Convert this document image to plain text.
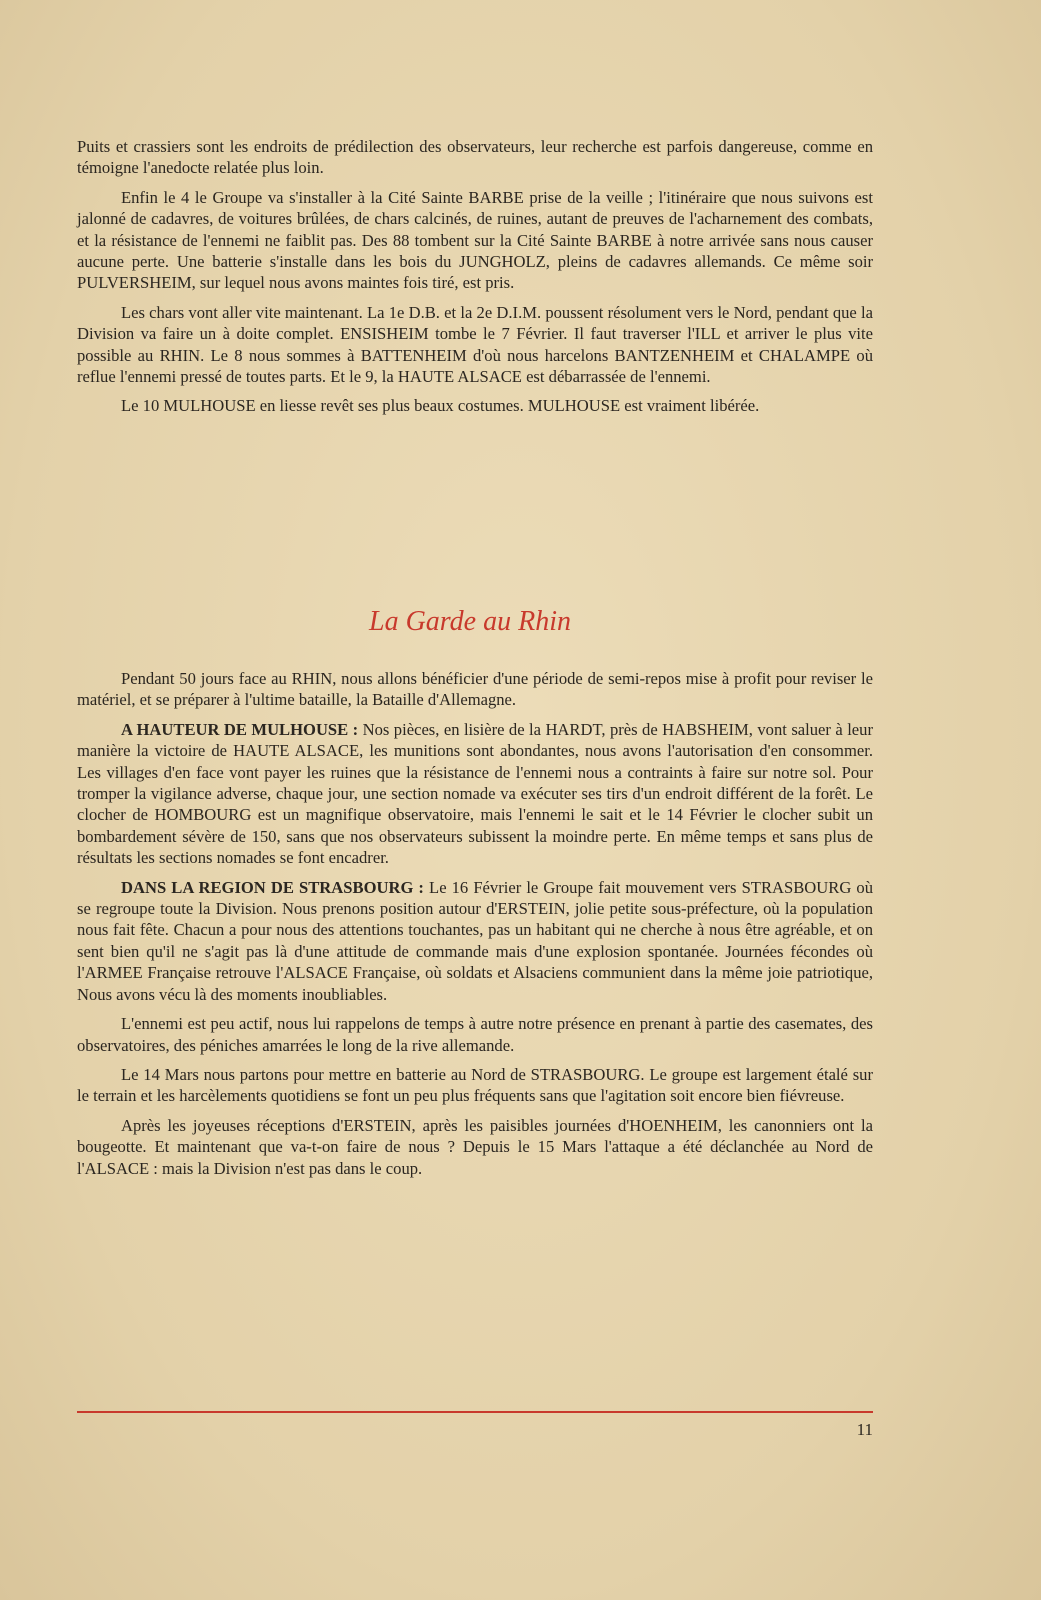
Puits et crassiers sont les endroits de prédilection des observateurs, leur recherche est parfois dangereuse, comme en témoigne l'anedocte relatée plus loin.

Enfin le 4 le Groupe va s'installer à la Cité Sainte BARBE prise de la veille ; l'itinéraire que nous suivons est jalonné de cadavres, de voitures brûlées, de chars calcinés, de ruines, autant de preuves de l'acharnement des combats, et la résistance de l'ennemi ne faiblit pas. Des 88 tombent sur la Cité Sainte BARBE à notre arrivée sans nous causer aucune perte. Une batterie s'installe dans les bois du JUNGHOLZ, pleins de cadavres allemands. Ce même soir PULVERSHEIM, sur lequel nous avons maintes fois tiré, est pris.

Les chars vont aller vite maintenant. La 1e D.B. et la 2e D.I.M. poussent résolument vers le Nord, pendant que la Division va faire un à doite complet. ENSISHEIM tombe le 7 Février. Il faut traverser l'ILL et arriver le plus vite possible au RHIN. Le 8 nous sommes à BATTENHEIM d'où nous harcelons BANTZENHEIM et CHALAMPE où reflue l'ennemi pressé de toutes parts. Et le 9, la HAUTE ALSACE est débarrassée de l'ennemi.

Le 10 MULHOUSE en liesse revêt ses plus beaux costumes. MULHOUSE est vraiment libérée.

La Garde au Rhin

Pendant 50 jours face au RHIN, nous allons bénéficier d'une période de semi-repos mise à profit pour reviser le matériel, et se préparer à l'ultime bataille, la Bataille d'Allemagne.

A HAUTEUR DE MULHOUSE : Nos pièces, en lisière de la HARDT, près de HABSHEIM, vont saluer à leur manière la victoire de HAUTE ALSACE, les munitions sont abondantes, nous avons l'autorisation d'en consommer. Les villages d'en face vont payer les ruines que la résistance de l'ennemi nous a contraints à faire sur notre sol. Pour tromper la vigilance adverse, chaque jour, une section nomade va exécuter ses tirs d'un endroit différent de la forêt. Le clocher de HOMBOURG est un magnifique observatoire, mais l'ennemi le sait et le 14 Février le clocher subit un bombardement sévère de 150, sans que nos observateurs subissent la moindre perte. En même temps et sans plus de résultats les sections nomades se font encadrer.

DANS LA REGION DE STRASBOURG : Le 16 Février le Groupe fait mouvement vers STRASBOURG où se regroupe toute la Division. Nous prenons position autour d'ERSTEIN, jolie petite sous-préfecture, où la population nous fait fête. Chacun a pour nous des attentions touchantes, pas un habitant qui ne cherche à nous être agréable, et on sent bien qu'il ne s'agit pas là d'une attitude de commande mais d'une explosion spontanée. Journées fécondes où l'ARMEE Française retrouve l'ALSACE Française, où soldats et Alsaciens communient dans la même joie patriotique, Nous avons vécu là des moments inoubliables.

L'ennemi est peu actif, nous lui rappelons de temps à autre notre présence en prenant à partie des casemates, des observatoires, des péniches amarrées le long de la rive allemande.

Le 14 Mars nous partons pour mettre en batterie au Nord de STRASBOURG. Le groupe est largement étalé sur le terrain et les harcèlements quotidiens se font un peu plus fréquents sans que l'agitation soit encore bien fiévreuse.

Après les joyeuses réceptions d'ERSTEIN, après les paisibles journées d'HOENHEIM, les canonniers ont la bougeotte. Et maintenant que va-t-on faire de nous ? Depuis le 15 Mars l'attaque a été déclanchée au Nord de l'ALSACE : mais la Division n'est pas dans le coup.

11
